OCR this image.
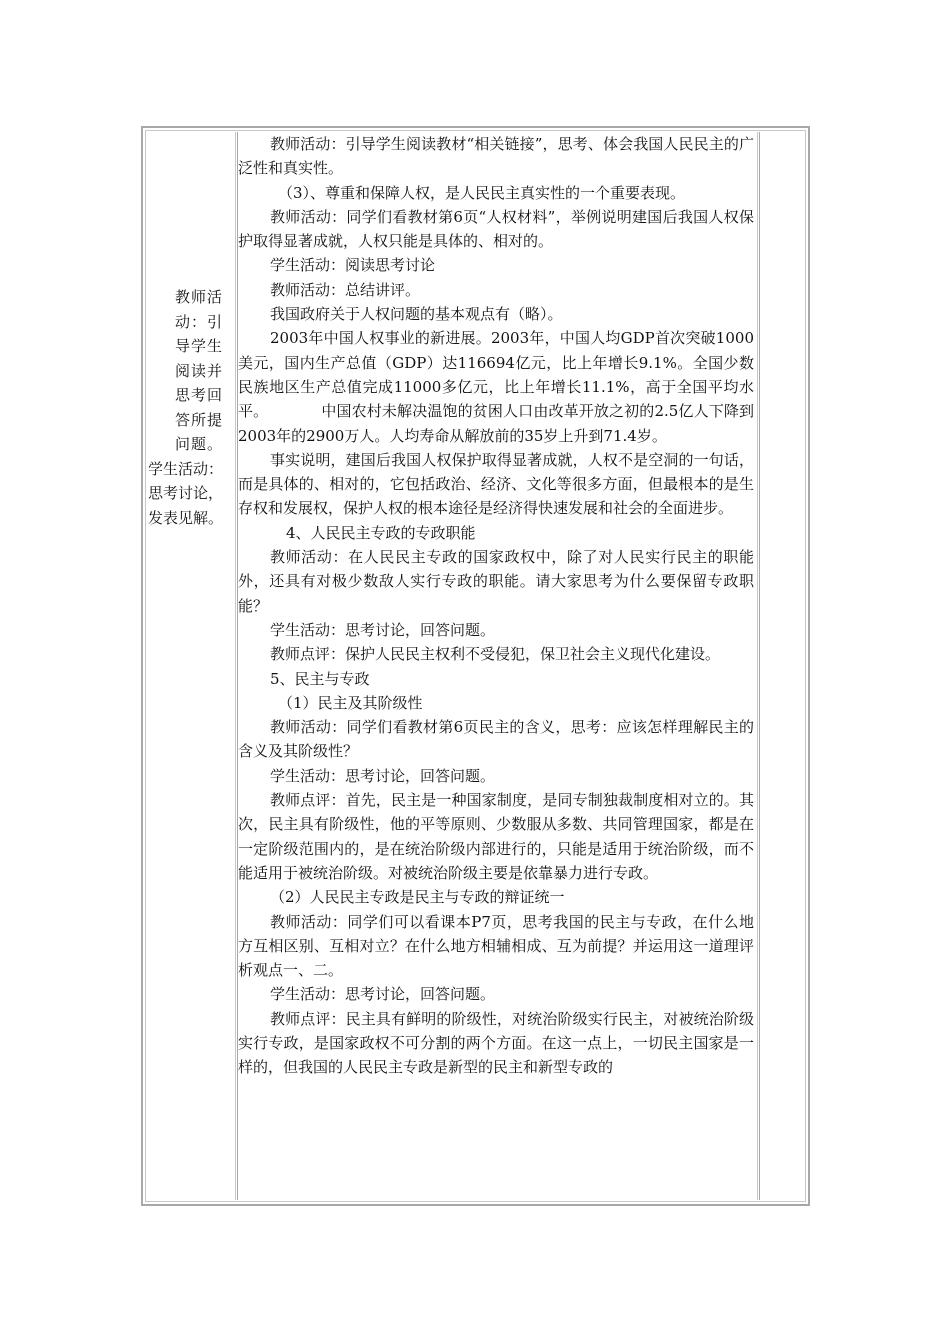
教师活
动：引
导学生
阅读并
思考回
答所提
问题。
学生活动：
思考讨论，
发表见解。

教师活动：引导学生阅读教材“相关链接”，思考、体会我国人民民主的广泛性和真实性。

（3）、尊重和保障人权，是人民民主真实性的一个重要表现。

教师活动：同学们看教材第6页“人权材料”，举例说明建国后我国人权保护取得显著成就，人权只能是具体的、相对的。

学生活动：阅读思考讨论

教师活动：总结讲评。

我国政府关于人权问题的基本观点有（略）。

2003年中国人权事业的新进展。2003年，中国人均GDP首次突破1000美元，国内生产总值（GDP）达116694亿元，比上年增长9.1%。全国少数民族地区生产总值完成11000多亿元，比上年增长11.1%，高于全国平均水平。　　　　中国农村未解决温饱的贫困人口由改革开放之初的2.5亿人下降到2003年的2900万人。人均寿命从解放前的35岁上升到71.4岁。

事实说明，建国后我国人权保护取得显著成就，人权不是空洞的一句话，而是具体的、相对的，它包括政治、经济、文化等很多方面，但最根本的是生存权和发展权，保护人权的根本途径是经济得快速发展和社会的全面进步。

4、人民民主专政的专政职能

教师活动：在人民民主专政的国家政权中，除了对人民实行民主的职能外，还具有对极少数敌人实行专政的职能。请大家思考为什么要保留专政职能？

学生活动：思考讨论，回答问题。

教师点评：保护人民民主权利不受侵犯，保卫社会主义现代化建设。

5、民主与专政

（1）民主及其阶级性

教师活动：同学们看教材第6页民主的含义，思考：应该怎样理解民主的含义及其阶级性？

学生活动：思考讨论，回答问题。

教师点评：首先，民主是一种国家制度，是同专制独裁制度相对立的。其次，民主具有阶级性，他的平等原则、少数服从多数、共同管理国家，都是在一定阶级范围内的，是在统治阶级内部进行的，只能是适用于统治阶级，而不能适用于被统治阶级。对被统治阶级主要是依靠暴力进行专政。

（2）人民民主专政是民主与专政的辩证统一

教师活动：同学们可以看课本P7页，思考我国的民主与专政，在什么地方互相区别、互相对立？在什么地方相辅相成、互为前提？并运用这一道理评析观点一、二。

学生活动：思考讨论，回答问题。

教师点评：民主具有鲜明的阶级性，对统治阶级实行民主，对被统治阶级实行专政，是国家政权不可分割的两个方面。在这一点上，一切民主国家是一样的，但我国的人民民主专政是新型的民主和新型专政的
